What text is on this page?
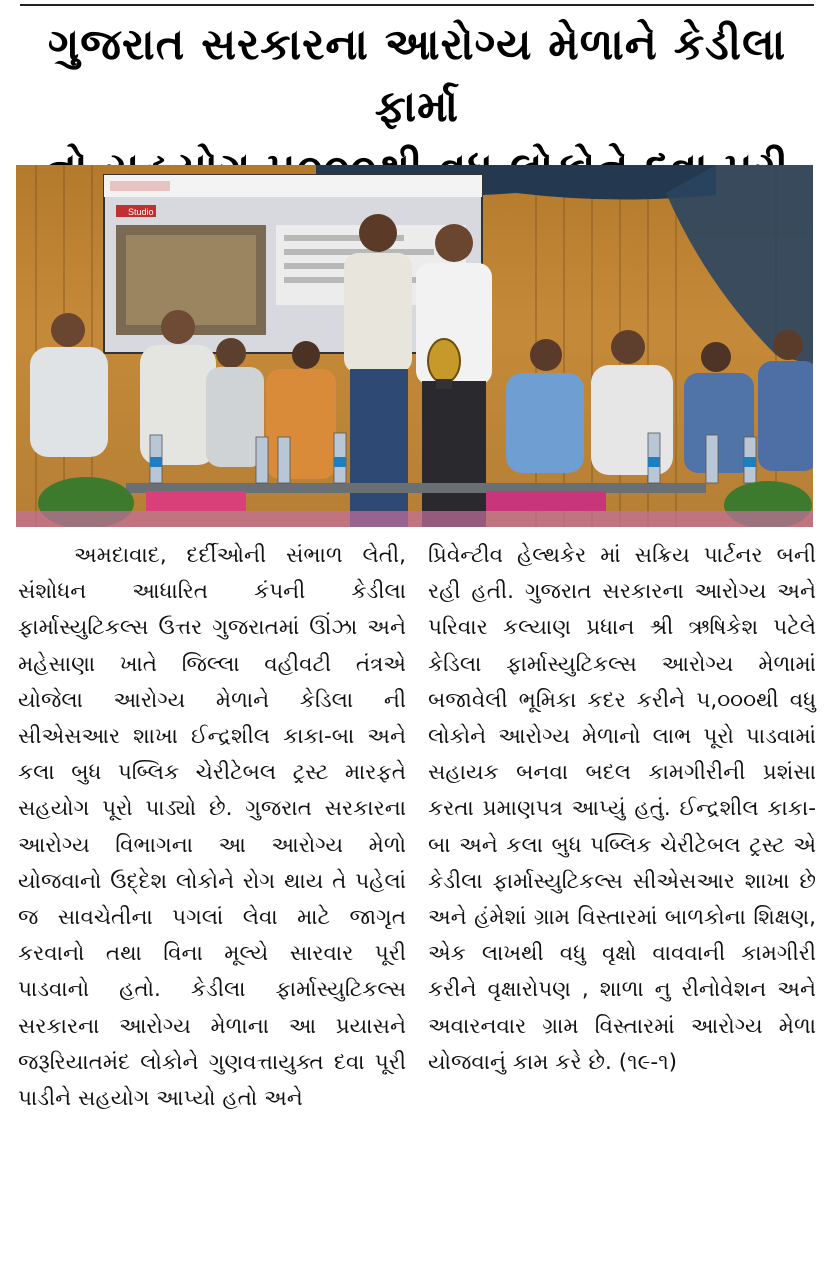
ગુજરાત સરકારના આરોગ્ય મેળાને કેડીલા ફાર્મા
Studio

અમદાવાદ, દર્દીઓની સંભાળ લેતી, સંશોધન આધારિત કંપની કેડીલા ફાર્માસ્યુટિકલ્સ ઉત્તર ગુજરાતમાં ઊંઝા અને મહેસાણા ખાતે જિલ્લા વહીવટી તંત્રએ યોજેલા આરોગ્ય મેળાને કેડિલા ની સીએસઆર શાખા ઈન્દ્રશીલ કાકા-બા અને કલા બુધ પબ્લિક ચેરીટેબલ ટ્રસ્ટ મારફતે સહયોગ પૂરો પાડ્યો છે. ગુજરાત સરકારના આરોગ્ય વિભાગના આ આરોગ્ય મેળો યોજવાનો ઉદ્દેશ લોકોને રોગ થાય તે પહેલાં જ સાવચેતીના પગલાં લેવા માટે જાગૃત કરવાનો તથા વિના મૂલ્યે સારવાર પૂરી પાડવાનો હતો. કેડીલા ફાર્માસ્યુટિકલ્સ સરકારના આરોગ્ય મેળાના આ પ્રયાસને જરૂરિયાતમંદ લોકોને ગુણવત્તાયુક્ત દવા પૂરી પાડીને સહયોગ આપ્યો હતો અને

પ્રિવેન્ટીવ હેલ્થકેર માં સક્રિય પાર્ટનર બની રહી હતી. ગુજરાત સરકારના આરોગ્ય અને પરિવાર કલ્યાણ પ્રધાન શ્રી ઋષિકેશ પટેલે કેડિલા ફાર્માસ્યુટિકલ્સ આરોગ્ય મેળામાં બજાવેલી ભૂમિકા કદર કરીને ૫,૦૦૦થી વધુ લોકોને આરોગ્ય મેળાનો લાભ પૂરો પાડવામાં સહાયક બનવા બદલ કામગીરીની પ્રશંસા કરતા પ્રમાણપત્ર આપ્યું હતું. ઈન્દ્રશીલ કાકા-બા અને કલા બુધ પબ્લિક ચેરીટેબલ ટ્રસ્ટ એ કેડીલા ફાર્માસ્યુટિકલ્સ સીએસઆર શાખા છે અને હંમેશાં ગ્રામ વિસ્તારમાં બાળકોના શિક્ષણ, એક લાખથી વધુ વૃક્ષો વાવવાની કામગીરી કરીને વૃક્ષારોપણ , શાળા નુ રીનોવેશન અને અવારનવાર ગ્રામ વિસ્તારમાં આરોગ્ય મેળા યોજવાનું કામ કરે છે. (૧૯-૧)
